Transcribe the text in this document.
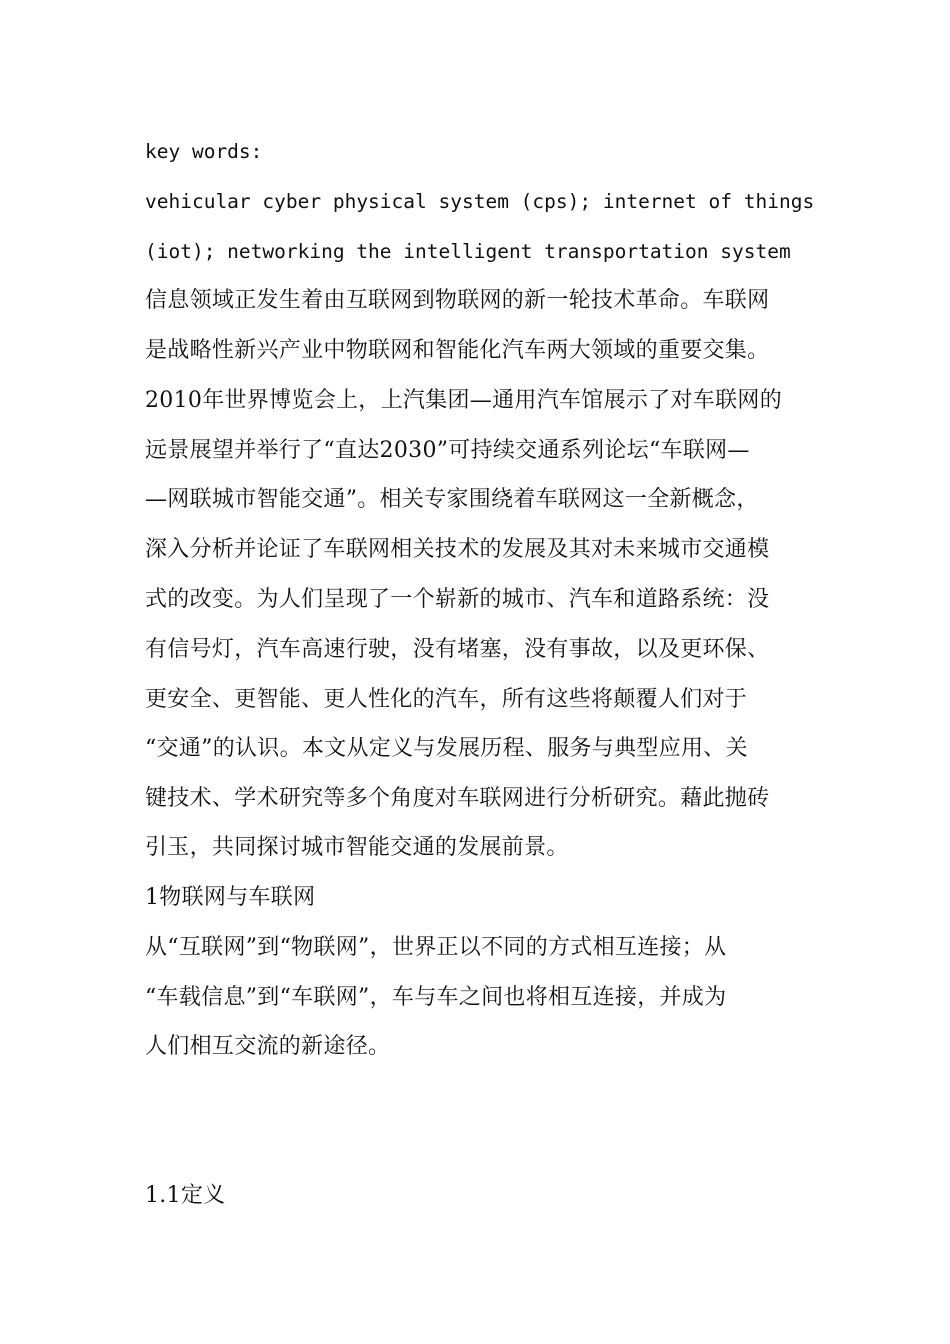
key words:
vehicular cyber physical system (cps); internet of things
(iot); networking the intelligent transportation system
信息领域正发生着由互联网到物联网的新一轮技术革命。车联网
是战略性新兴产业中物联网和智能化汽车两大领域的重要交集。
2010年世界博览会上，上汽集团—通用汽车馆展示了对车联网的
远景展望并举行了“直达2030”可持续交通系列论坛“车联网—
—网联城市智能交通”。相关专家围绕着车联网这一全新概念，
深入分析并论证了车联网相关技术的发展及其对未来城市交通模
式的改变。为人们呈现了一个崭新的城市、汽车和道路系统：没
有信号灯，汽车高速行驶，没有堵塞，没有事故，以及更环保、
更安全、更智能、更人性化的汽车，所有这些将颠覆人们对于
“交通”的认识。本文从定义与发展历程、服务与典型应用、关
键技术、学术研究等多个角度对车联网进行分析研究。藉此抛砖
引玉，共同探讨城市智能交通的发展前景。
1物联网与车联网
从“互联网”到“物联网”，世界正以不同的方式相互连接；从
“车载信息”到“车联网”，车与车之间也将相互连接，并成为
人们相互交流的新途径。
1.1定义
